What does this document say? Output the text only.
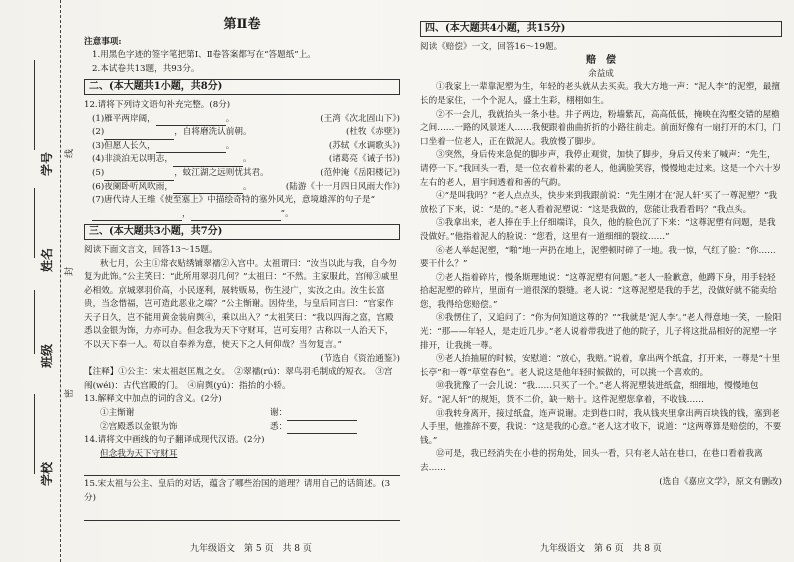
学号
姓名
班级
学校
线
封
密
第Ⅱ卷
注意事项:
1.用黑色字迹的签字笔把第Ⅰ、Ⅱ卷答案都写在“答题纸”上。
2.本试卷共13题，共93分。
二、(本大题共1小题，共8分)
12.请将下列诗文语句补充完整。(8分)
(1)雁平两岸阔，	。	(王湾《次北固山下》)
(2)	，自将磨洗认前朝。	(杜牧《赤壁》)
(3)但愿人长久，	。	(苏轼《水调歌头》)
(4)非淡泊无以明志，	。	(诸葛亮《诫子书》)
(5)	，蚊江湖之远则忧其君。	(范仲淹《岳阳楼记》)
(6)夜阑卧听风吹雨，	。	(陆游《十一月四日风雨大作》)
(7)唐代诗人王维《使至塞上》中描绘奇特的塞外风光，意境雄浑的句子是“
，	”。
三、(本大题共3小题，共7分)
阅读下面文言文，回答13～15题。

秋七月，公主①常衣贴绣铺翠襦②入宫中。太祖谓曰：“汝当以此与我，自今勿复为此饰。”公主笑曰：“此所用翠羽几何？”太祖曰：“不然。主家服此，宫闱③戚里必相效。京城翠羽价高，小民逐利，展转贩易，伤生浸广，实汝之由。汝生长富贵，当念惜福，岂可造此恶业之端？”公主惭谢。因侍坐，与皇后同言曰：“官家作天子日久，岂不能用黄金装肩舆④，乘以出入？”太祖笑曰：“我以四海之富，宫殿悉以金银为饰，力亦可办。但念我为天下守财耳，岂可妄用？古称以一人治天下，不以天下奉一人。苟以自奉养为意，使天下之人何仰哉？当勿复言。”

(节选自《资治通鉴》)
【注释】①公主：宋太祖赵匡胤之女。　②翠襦(rú)：翠鸟羽毛制成的短衣。　③宫闱(wéi)：古代宫殿的门。　④肩舆(yú)：指抬的小轿。
13.解释文中加点的词的含义。(2分)
①主惭谢	谢：
②宫殿悉以金银为饰	悉：
14.请将文中画线的句子翻译成现代汉语。(2分)
但念我为天下守财耳
15.宋太祖与公主、皇后的对话，蕴含了哪些治国的道理？请用自己的话简述。(3分)
九年级语文　第 5 页　共 8 页
四、(本大题共4小题，共15分)
阅读《赔偿》一文，回答16～19题。
赔　偿
余益成

①我家上一辈靠泥塑为生，年轻的老头就从去买卖。我大方地一声：“泥人李”的泥塑，最擅长的是家住，一个个泥人，盛土生彩，栩栩如生。

②不一会儿，我就抬头一条小巷。井子两边，粉墙紫瓦，高高低低，掩映在沟壑交错的屋檐之间……一路的风景迷人……我便跟着曲曲折折的小路往前走。前面好像有一扇打开的木门，门口坐着一位老人，正在做泥人。我放慢了脚步。

③突然，身后传来急促的脚步声，我停止观赏，加快了脚步，身后又传来了喊声：“先生，请停一下。”我回头一看，是一位衣着朴素的老人，他满脸笑容，慢慢地走过来。这是一个六十岁左右的老人，眉宇间透着和善的气韵。

④“是叫我吗？”老人点点头，快步来到我跟前说：“先生刚才在‘泥人轩’买了一尊泥塑？”我放松了下来，说：“是的。”老人看着泥塑说：“这是我做的，您能让我看看吗？”我点头。

⑤我拿出来，老人捧在手上仔细端详，良久，他的脸色沉了下来：“这尊泥塑有问题，是我没做好。”他指着泥人的脸说：“您看，这里有一道细细的裂纹……”

⑥老人举起泥塑，“啪”地一声扔在地上，泥塑顿时碎了一地。我一惊，气红了脸：“你……要干什么？”

⑦老人指着碎片，慢条斯理地说：“这尊泥塑有问题。”老人一脸歉意，他蹲下身，用手轻轻拾起泥塑的碎片，里面有一道很深的裂缝。老人说：“这尊泥塑是我的手艺，没做好就不能卖给您，我得给您赔偿。”

⑧我愣住了，又追问了：“你为何知道这尊的？”“我就是‘泥人李’。”老人得意地一笑，一脸阳光：“那——年轻人，是走近几步。”老人说着带我进了他的院子，儿子将这批品相好的泥塑一字排开，让我挑一尊。

⑨老人抬抽屉的时候，安慰道：“放心，我赔。”说着，拿出两个纸盒，打开来，一尊是“十里长亭”和一尊“草堂春色”。老人说这是他年轻时候做的，可以挑一个喜欢的。

⑩我犹豫了一会儿说：“我……只买了一个。”老人将泥塑装进纸盒，细细地，慢慢地包好。“泥人轩”的规矩，货不二价，缺一赔十。这件泥塑您拿着，不收钱……

⑪我转身离开，接过纸盒，连声说谢。走到巷口时，我从钱夹里拿出两百块钱的钱，塞到老人手里，他推辞不要，我说：“这是我的心意。”老人这才收下，说道：“这两尊算是赔偿的，不要钱。”

⑫可是，我已经消失在小巷的拐角处，回头一看，只有老人站在巷口，在巷口看着我离去……

(选自《嘉应文学》，原文有删改)
九年级语文　第 6 页　共 8 页
